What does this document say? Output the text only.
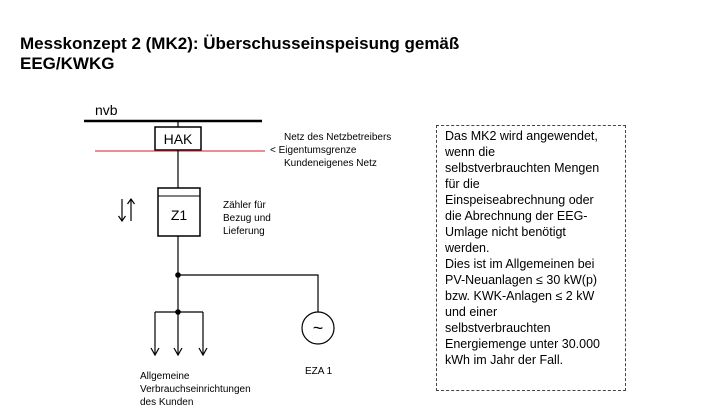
Messkonzept 2 (MK2): Überschusseinspeisung gemäß
EEG/KWKG
nvb
HAK	Netz des Netzbetreibers
< Eigentumsgrenze
Kundeneigenes Netz
Z1
Zähler für
Bezug und
Lieferung
~
EZA 1
Allgemeine
Verbrauchseinrichtungen
des Kunden
Das MK2 wird angewendet,
wenn die
selbstverbrauchten Mengen
für die
Einspeiseabrechnung oder
die Abrechnung der EEG-
Umlage nicht benötigt
werden.
Dies ist im Allgemeinen bei
PV-Neuanlagen ≤ 30 kW(p)
bzw. KWK-Anlagen ≤ 2 kW
und einer
selbstverbrauchten
Energiemenge unter 30.000
kWh im Jahr der Fall.
